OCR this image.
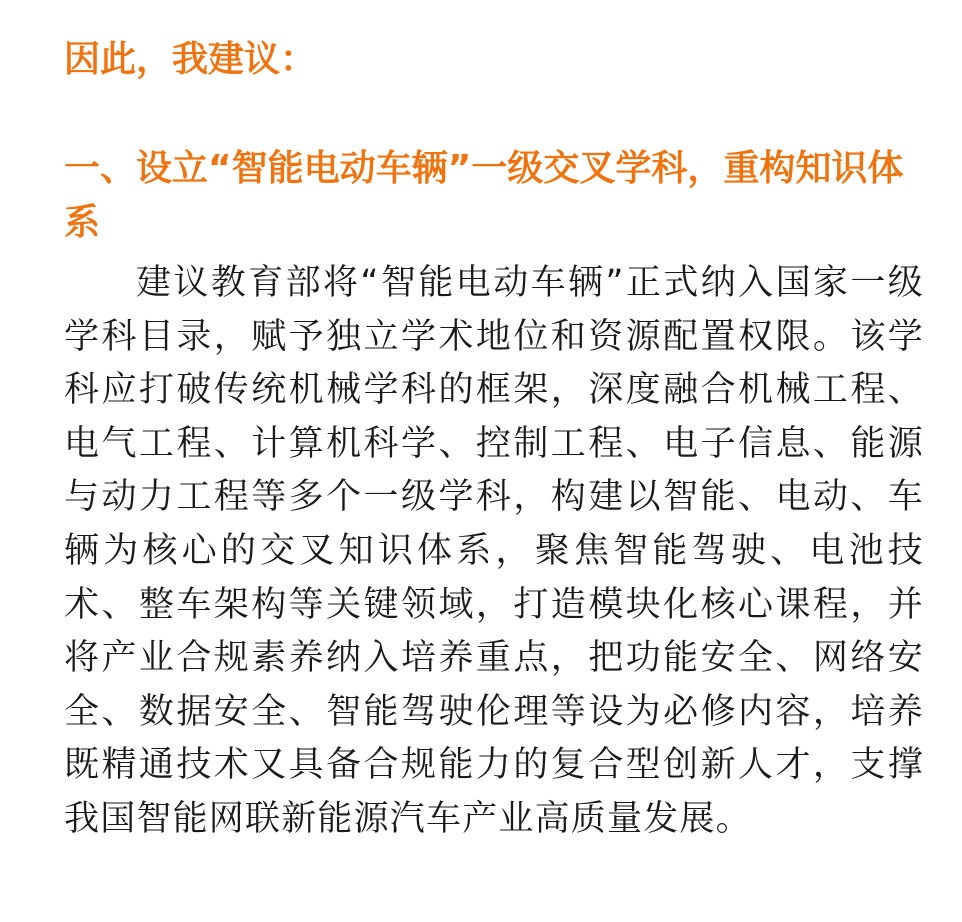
因此，我建议：

一、设立“智能电动车辆”一级交叉学科，重构知识体系

建议教育部将“智能电动车辆”正式纳入国家一级学科目录，赋予独立学术地位和资源配置权限。该学科应打破传统机械学科的框架，深度融合机械工程、电气工程、计算机科学、控制工程、电子信息、能源与动力工程等多个一级学科，构建以智能、电动、车辆为核心的交叉知识体系，聚焦智能驾驶、电池技术、整车架构等关键领域，打造模块化核心课程，并将产业合规素养纳入培养重点，把功能安全、网络安全、数据安全、智能驾驶伦理等设为必修内容，培养既精通技术又具备合规能力的复合型创新人才，支撑我国智能网联新能源汽车产业高质量发展。
